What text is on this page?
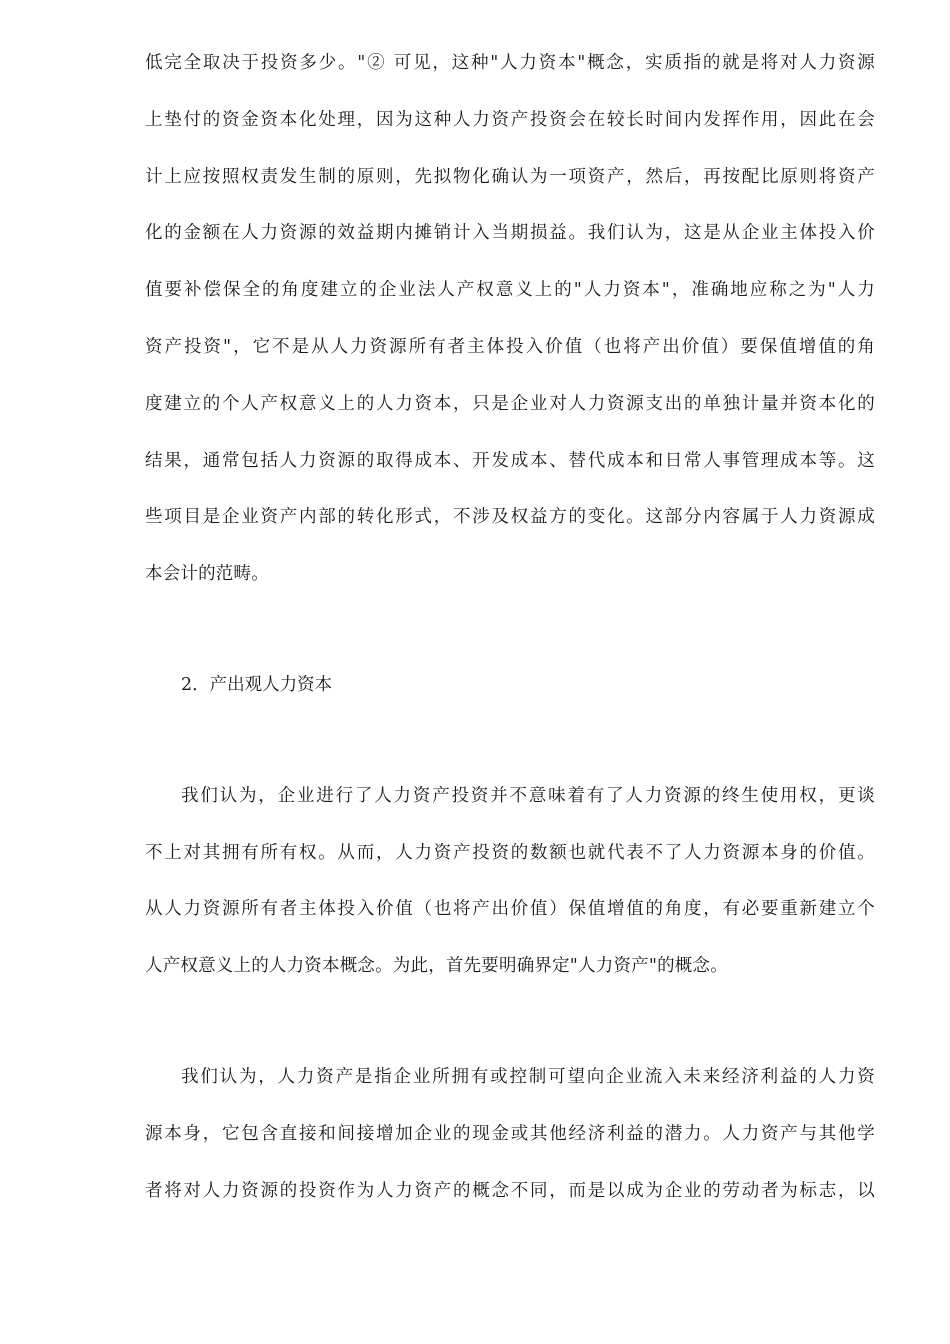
低完全取决于投资多少。"② 可见，这种"人力资本"概念，实质指的就是将对人力资源
上垫付的资金资本化处理，因为这种人力资产投资会在较长时间内发挥作用，因此在会
计上应按照权责发生制的原则，先拟物化确认为一项资产，然后，再按配比原则将资产
化的金额在人力资源的效益期内摊销计入当期损益。我们认为，这是从企业主体投入价
值要补偿保全的角度建立的企业法人产权意义上的"人力资本"，准确地应称之为"人力
资产投资"，它不是从人力资源所有者主体投入价值（也将产出价值）要保值增值的角
度建立的个人产权意义上的人力资本，只是企业对人力资源支出的单独计量并资本化的
结果，通常包括人力资源的取得成本、开发成本、替代成本和日常人事管理成本等。这
些项目是企业资产内部的转化形式，不涉及权益方的变化。这部分内容属于人力资源成
本会计的范畴。
2．产出观人力资本
我们认为，企业进行了人力资产投资并不意味着有了人力资源的终生使用权，更谈
不上对其拥有所有权。从而，人力资产投资的数额也就代表不了人力资源本身的价值。
从人力资源所有者主体投入价值（也将产出价值）保值增值的角度，有必要重新建立个
人产权意义上的人力资本概念。为此，首先要明确界定"人力资产"的概念。
我们认为，人力资产是指企业所拥有或控制可望向企业流入未来经济利益的人力资
源本身，它包含直接和间接增加企业的现金或其他经济利益的潜力。人力资产与其他学
者将对人力资源的投资作为人力资产的概念不同，而是以成为企业的劳动者为标志，以
